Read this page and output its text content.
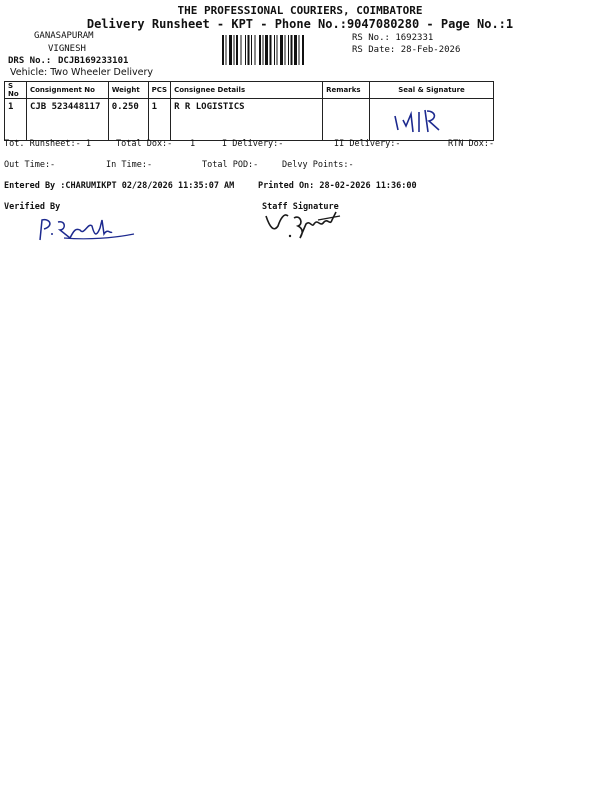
THE PROFESSIONAL COURIERS, COIMBATORE
Delivery Runsheet - KPT - Phone No.:9047080280 - Page No.:1
GANASAPURAM
VIGNESH
DRS No.: DCJB169233101
RS No.: 1692331
RS Date: 28-Feb-2026
Vehicle: Two Wheeler Delivery
S No	Consignment No	Weight	PCS	Consignee Details	Remarks	Seal & Signature
1	CJB 523448117	0.250	1	R R LOGISTICS		
Tot. Runsheet:- 1	Total Dox:- 1	I Delivery:-	II Delivery:-	RTN Dox:-
Out Time:-	In Time:-	Total POD:-	Delvy Points:-
Entered By :CHARUMIKPT 02/28/2026 11:35:07 AM	Printed On: 28-02-2026 11:36:00
Verified By	Staff Signature
